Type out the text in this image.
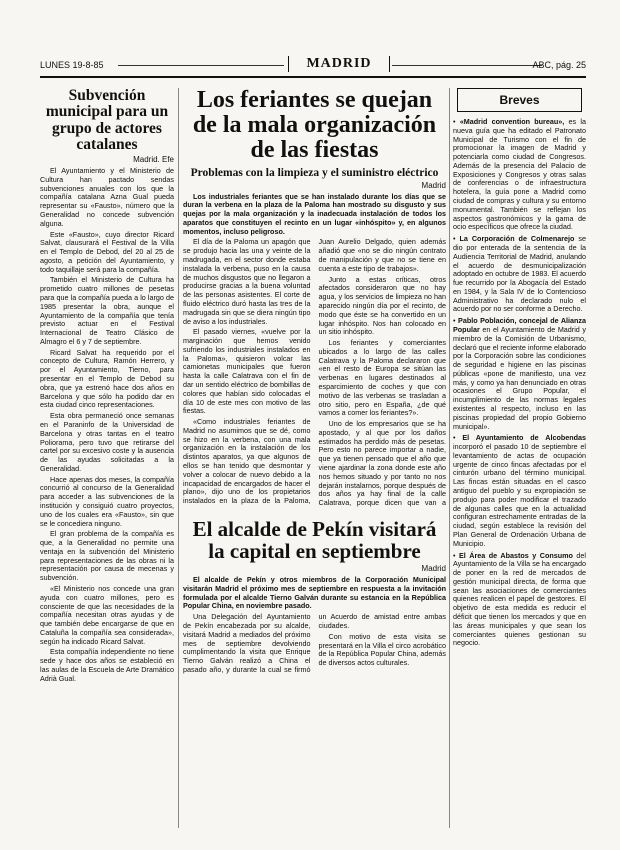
LUNES 19-8-85	MADRID	ABC, pág. 25
Subvención municipal para un grupo de actores catalanes
Madrid. Efe

El Ayuntamiento y el Ministerio de Cultura han pactado sendas subvenciones anuales con los que la compañía catalana Azna Gual pueda representar su «Fausto», número que la Generalidad no concede subvención alguna.

Este «Fausto», cuyo director Ricard Salvat, clausurará el Festival de la Villa en el Templo de Debod, del 20 al 25 de agosto, a petición del Ayuntamiento, y todo taquillaje será para la compañía.

También el Ministerio de Cultura ha prometido cuatro millones de pesetas para que la compañía pueda a lo largo de 1985 presentar la obra, aunque el Ayuntamiento de la compañía que tenía previsto actuar en el Festival Internacional de Teatro Clásico de Almagro el 6 y 7 de septiembre.

Ricard Salvat ha requerido por el concepto de Cultura, Ramón Herrero, y por el Ayuntamiento, Tierno, para presentar en el Templo de Debod su obra, que ya estrenó hace dos años en Barcelona y que sólo ha podido dar en esta ciudad cinco representaciones.

Esta obra permaneció once semanas en el Paraninfo de la Universidad de Barcelona y otras tantas en el teatro Poliorama, pero tuvo que retirarse del cartel por su excesivo coste y la ausencia de las ayudas solicitadas a la Generalidad.

Hace apenas dos meses, la compañía concurrió al concurso de la Generalidad para acceder a las subvenciones de la institución y consiguió cuatro proyectos, uno de los cuales era «Fausto», sin que se le concediera ninguno.

El gran problema de la compañía es que, a la Generalidad no permite una ventaja en la subvención del Ministerio para representaciones de las obras ni la representación por causa de mecenas y subvención.

«El Ministerio nos concede una gran ayuda con cuatro millones, pero es consciente de que las necesidades de la compañía necesitan otras ayudas y de que también debe encargarse de que en Cataluña la compañía sea considerada», según ha indicado Ricard Salvat.

Esta compañía independiente no tiene sede y hace dos años se estableció en las aulas de la Escuela de Arte Dramático Adrià Gual.

Los feriantes se quejan de la mala organización de las fiestas
Problemas con la limpieza y el suministro eléctrico
Madrid

Los industriales feriantes que se han instalado durante los días que se duran la verbena en la plaza de la Paloma han mostrado su disgusto y sus quejas por la mala organización y la inadecuada instalación de todos los aparatos que constituyen el recinto en un lugar «inhóspito» y, en algunos momentos, incluso peligroso.

El día de la Paloma un apagón que se produjo hacia las una y veinte de la madrugada, en el sector donde estaba instalada la verbena, puso en la causa de muchos disgustos que no llegaron a producirse gracias a la buena voluntad de las personas asistentes. El corte de fluido eléctrico duró hasta las tres de la madrugada sin que se diera ningún tipo de aviso a los industriales.

El pasado viernes, «vuelve por la marginación que hemos venido sufriendo los industriales instalados en la Paloma», quisieron volcar las camionetas municipales que fueron hasta la calle Calatrava con el fin de dar un sentido eléctrico de bombillas de colores que habían sido colocadas el día 10 de este mes con motivo de las fiestas.

«Como industriales feriantes de Madrid no asumimos que se dé, como se hizo en la verbena, con una mala organización en la instalación de los distintos aparatos, ya que algunos de ellos se han tenido que desmontar y volver a colocar de nuevo debido a la incapacidad de encargados de hacer el plano», dijo uno de los propietarios instalados en la plaza de la Paloma, Juan Aurelio Delgado, quien además añadió que «no se dio ningún contrato de manipulación y que no se tiene en cuenta a este tipo de trabajos».

Junto a estas críticas, otros afectados consideraron que no hay agua, y los servicios de limpieza no han aparecido ningún día por el recinto, de modo que éste se ha convertido en un lugar inhóspito. Nos han colocado en un sitio inhóspito.

Los feriantes y comerciantes ubicados a lo largo de las calles Calatrava y la Paloma declararon que «en el resto de Europa se sitúan las verbenas en lugares destinados al esparcimiento de coches y que con motivo de las verbenas se trasladan a otro sitio, pero en España, ¿de qué vamos a comer los feriantes?».

Uno de los empresarios que se ha apostado, y al que por los daños estimados ha perdido más de pesetas. Pero esto no parece importar a nadie, que ya tienen pensado que el año que viene ajardinar la zona donde este año nos hemos situado y por tanto no nos dejarán instalarnos, porque después de dos años ya hay final de la calle Calatrava, porque dicen que van a

El alcalde de Pekín visitará la capital en septiembre
Madrid

El alcalde de Pekín y otros miembros de la Corporación Municipal visitarán Madrid el próximo mes de septiembre en respuesta a la invitación formulada por el alcalde Tierno Galván durante su estancia en la República Popular China, en noviembre pasado.

Una Delegación del Ayuntamiento de Pekín encabezada por su alcalde, visitará Madrid a mediados del próximo mes de septiembre devolviendo cumplimentando la visita que Enrique Tierno Galván realizó a China el pasado año, y durante la cual se firmó un Acuerdo de amistad entre ambas ciudades.

Con motivo de esta visita se presentará en la Villa el circo acrobático de la República Popular China, además de diversos actos culturales.

Breves

• «Madrid convention bureau», es la nueva guía que ha editado el Patronato Municipal de Turismo con el fin de promocionar la imagen de Madrid y potenciarla como ciudad de Congresos. Además de la presencia del Palacio de Exposiciones y Congresos y otras salas de conferencias o de infraestructura hotelera, la guía pone a Madrid como ciudad de compras y cultura y su entorno monumental. También se reflejan los aspectos gastronómicos y la gama de ocio específicos que ofrece la ciudad.

• La Corporación de Colmenarejo se dio por enterada de la sentencia de la Audiencia Territorial de Madrid, anulando el acuerdo de desmunicipalización adoptado en octubre de 1983. El acuerdo fue recurrido por la Abogacía del Estado en 1984, y la Sala IV de lo Contencioso Administrativo ha declarado nulo el acuerdo por no ser conforme a Derecho.

• Pablo Población, concejal de Alianza Popular en el Ayuntamiento de Madrid y miembro de la Comisión de Urbanismo, declaró que el reciente informe elaborado por la Corporación sobre las condiciones de seguridad e higiene en las piscinas públicas «pone de manifiesto, una vez más, y como ya han denunciado en otras ocasiones el Grupo Popular, el incumplimiento de las normas legales existentes al respecto, incluso en las piscinas propiedad del propio Gobierno municipal».

• El Ayuntamiento de Alcobendas incorporó el pasado 10 de septiembre el levantamiento de actas de ocupación urgente de cinco fincas afectadas por el cinturón urbano del término municipal. Las fincas están situadas en el casco antiguo del pueblo y su expropiación se produjo para poder modificar el trazado de algunas calles que en la actualidad configuran estrechamente entradas de la ciudad, según establece la revisión del Plan General de Ordenación Urbana de Municipio.

• El Área de Abastos y Consumo del Ayuntamiento de la Villa se ha encargado de poner en la red de mercados de gestión municipal directa, de forma que sean las asociaciones de comerciantes quienes realicen el papel de gestores. El objetivo de esta medida es reducir el déficit que tienen los mercados y que en las áreas municipales y que sean los comerciantes quienes gestionan su negocio.
